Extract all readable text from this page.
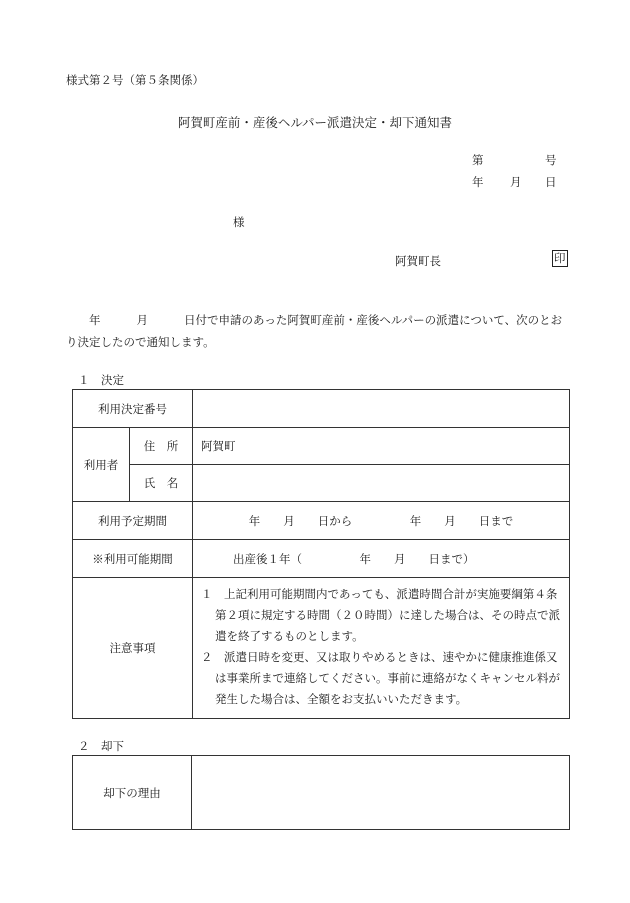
様式第２号（第５条関係）
阿賀町産前・産後ヘルパー派遣決定・却下通知書
第	号
年 月 日
様
阿賀町長	印
年	月	日付で申請のあった阿賀町産前・産後ヘルパーの派遣について、次のとおり決定したので通知します。
１　決定
利用決定番号		
利用者	住　所	阿賀町
	氏　名	
利用予定期間		年　　月　　日から　　　　　年　　月　　日まで
※利用可能期間		出産後１年（　　　　　年　　月　　日まで）
注意事項		１　上記利用可能期間内であっても、派遣時間合計が実施要綱第４条第２項に規定する時間（２０時間）に達した場合は、その時点で派遣を終了するものとします。
２　派遣日時を変更、又は取りやめるときは、速やかに健康推進係又は事業所まで連絡してください。事前に連絡がなくキャンセル料が発生した場合は、全額をお支払いいただきます。
２　却下
却下の理由	
